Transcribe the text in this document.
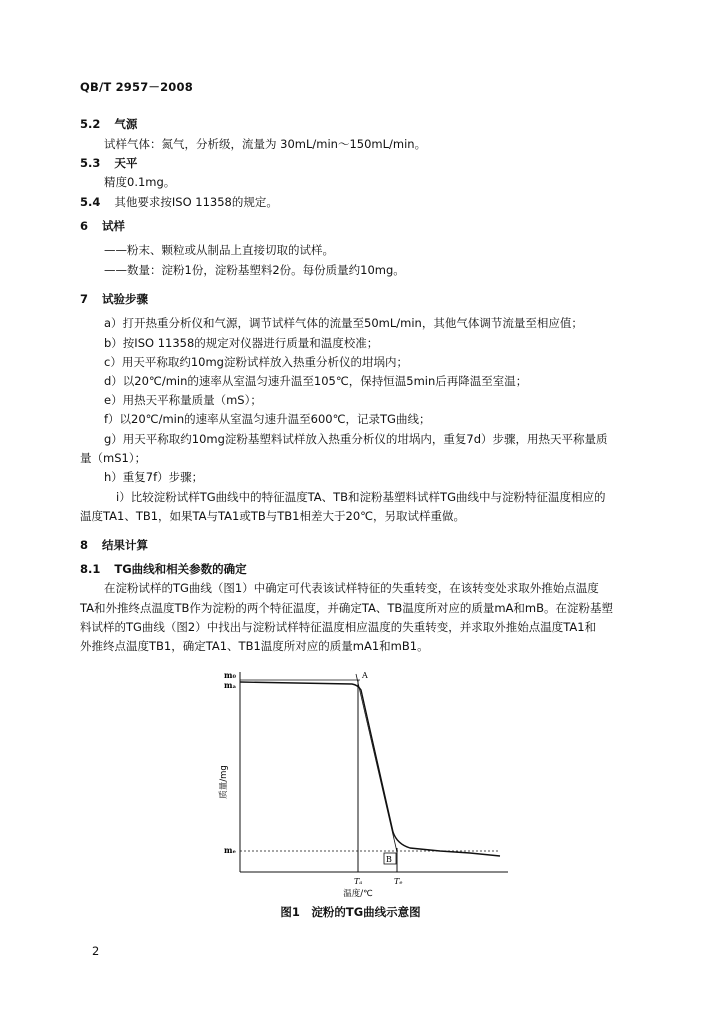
QB/T 2957－2008
5.2 气源
试样气体：氮气，分析级，流量为 30mL/min～150mL/min。
5.3 天平
精度0.1mg。
5.4 其他要求按ISO 11358的规定。
6 试样
——粉末、颗粒或从制品上直接切取的试样。
——数量：淀粉1份，淀粉基塑料2份。每份质量约10mg。
7 试验步骤
a）打开热重分析仪和气源，调节试样气体的流量至50mL/min，其他气体调节流量至相应值；
b）按ISO 11358的规定对仪器进行质量和温度校准；
c）用天平称取约10mg淀粉试样放入热重分析仪的坩埚内；
d）以20℃/min的速率从室温匀速升温至105℃，保持恒温5min后再降温至室温；
e）用热天平称量质量（mS）；
f）以20℃/min的速率从室温匀速升温至600℃，记录TG曲线；
g）用天平称取约10mg淀粉基塑料试样放入热重分析仪的坩埚内，重复7d）步骤，用热天平称量质
量（mS1）；
h）重复7f）步骤；
i）比较淀粉试样TG曲线中的特征温度TA、TB和淀粉基塑料试样TG曲线中与淀粉特征温度相应的
温度TA1、TB1，如果TA与TA1或TB与TB1相差大于20℃，另取试样重做。
8 结果计算
8.1 TG曲线和相关参数的确定
在淀粉试样的TG曲线（图1）中确定可代表该试样特征的失重转变，在该转变处求取外推始点温度
TA和外推终点温度TB作为淀粉的两个特征温度，并确定TA、TB温度所对应的质量mA和mB。在淀粉基塑
料试样的TG曲线（图2）中找出与淀粉试样特征温度相应温度的失重转变，并求取外推始点温度TA1和
外推终点温度TB1，确定TA1、TB1温度所对应的质量mA1和mB1。
m₀
mₐ
mₑ
A
B
Tₐ	Tₑ
温度/℃
质量/mg
图1　淀粉的TG曲线示意图
2
